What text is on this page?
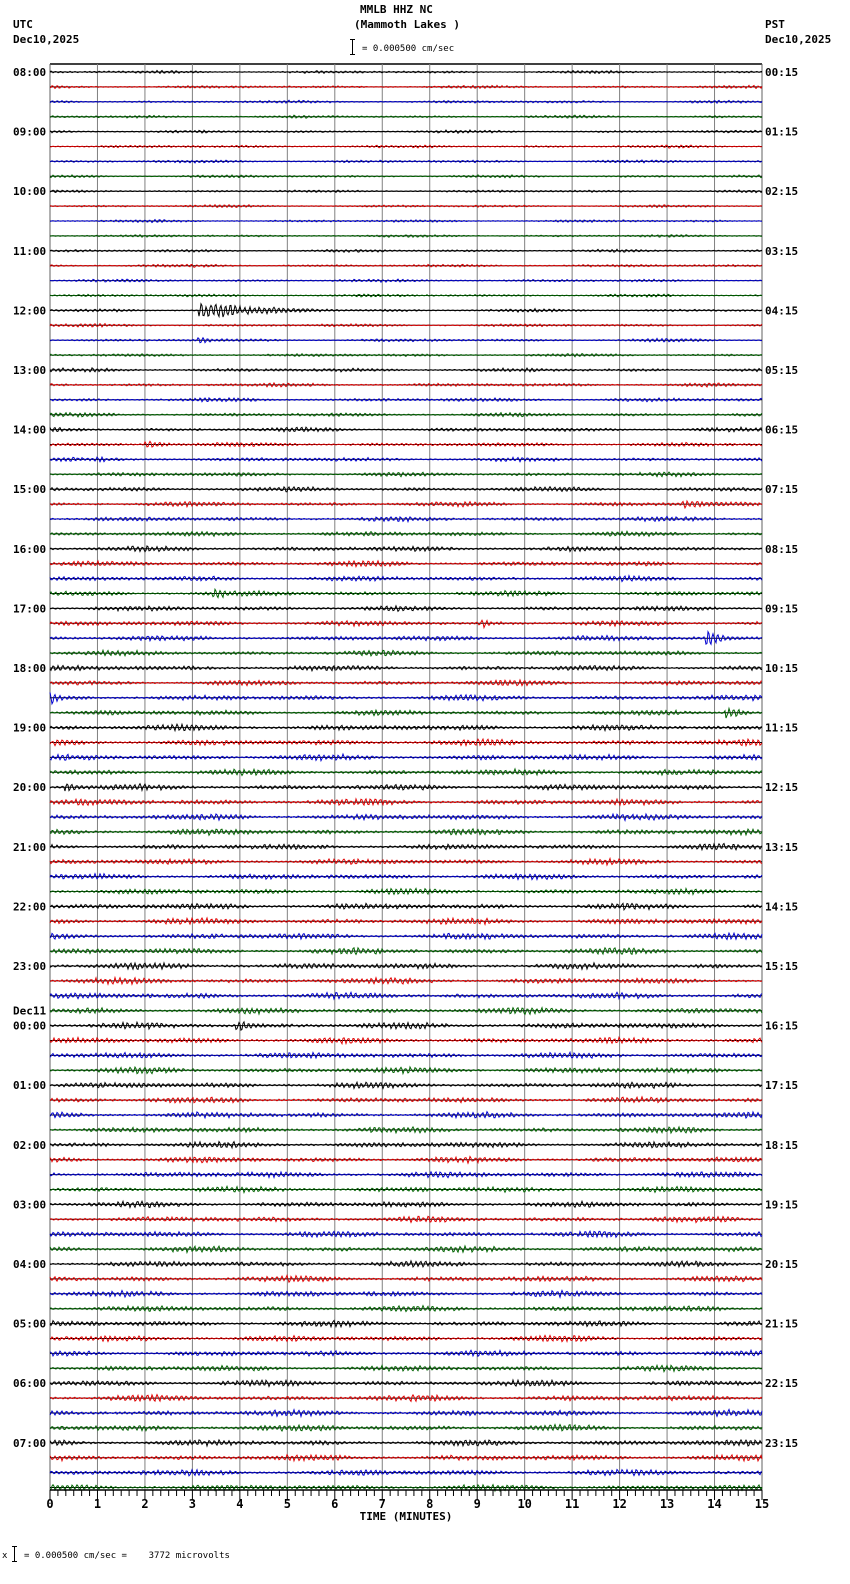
MMLB HHZ NC
(Mammoth Lakes )
UTC
Dec10,2025
PST
Dec10,2025
= 0.000500 cm/sec
08:00	00:15
09:00	01:15
10:00	02:15
11:00	03:15
12:00	04:15
13:00	05:15
14:00	06:15
15:00	07:15
16:00	08:15
17:00	09:15
18:00	10:15
19:00	11:15
20:00	12:15
21:00	13:15
22:00	14:15
23:00	15:15
00:00	16:15
01:00	17:15
02:00	18:15
03:00	19:15
04:00	20:15
05:00	21:15
06:00	22:15
07:00	23:15
Dec11
0	1	2	3	4	5	6	7	8	9	10	11	12	13	14	15
TIME (MINUTES)
x = 0.000500 cm/sec =    3772 microvolts
